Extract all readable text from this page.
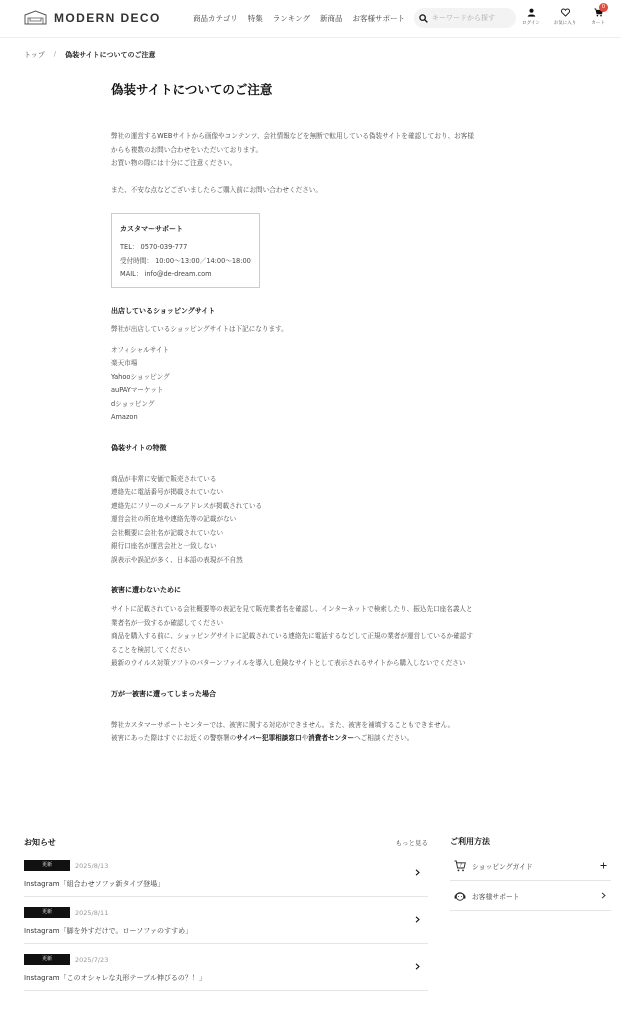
MODERN DECO	商品カテゴリ 特集 ランキング 新商品 お客様サポート
キーワードから探す
ログイン	お気に入り
0
カート
トップ / 偽装サイトについてのご注意
偽装サイトについてのご注意

弊社の運営するWEBサイトから画像やコンテンツ、会社情報などを無断で転用している偽装サイトを確認しており、お客様

からも複数のお問い合わせをいただいております。

お買い物の際には十分にご注意ください。

また、不安な点などございましたらご購入前にお問い合わせください。

カスタマーサポート
TEL： 0570-039-777
受付時間： 10:00〜13:00／14:00〜18:00
MAIL： info@de-dream.com
出店しているショッピングサイト

弊社が出店しているショッピングサイトは下記になります。

オフィシャルサイト
楽天市場
Yahooショッピング
auPAYマーケット
dショッピング
Amazon
偽装サイトの特徴
商品が非常に安価で販売されている
連絡先に電話番号が掲載されていない
連絡先にフリーのメールアドレスが掲載されている
運営会社の所在地や連絡先等の記載がない
会社概要に会社名が記載されていない
銀行口座名が運営会社と一致しない
誤表示や誤記が多く、日本語の表現が不自然
被害に遭わないために
サイトに記載されている会社概要等の表記を見て販売業者名を確認し、インターネットで検索したり、振込先口座名義人と
業者名が一致するか確認してください
商品を購入する前に、ショッピングサイトに記載されている連絡先に電話するなどして正規の業者が運営しているか確認す
ることを検討してください
最新のウイルス対策ソフトのパターンファイルを導入し危険なサイトとして表示されるサイトから購入しないでください
万が一被害に遭ってしまった場合
弊社カスタマーサポートセンターでは、被害に関する対応ができません。また、被害を補填することもできません。
被害にあった際はすぐにお近くの警察署のサイバー犯罪相談窓口や消費者センターへご相談ください。
お知らせ	もっと見る
更新	2025/8/13
Instagram「組合わせソファ新タイプ登場」
更新	2025/8/11
Instagram「脚を外すだけで。ローソファのすすめ」
更新	2025/7/23
Instagram「このオシャレな丸形テーブル伸びるの？！」
ご利用方法
? ショッピングガイド
お客様サポート
